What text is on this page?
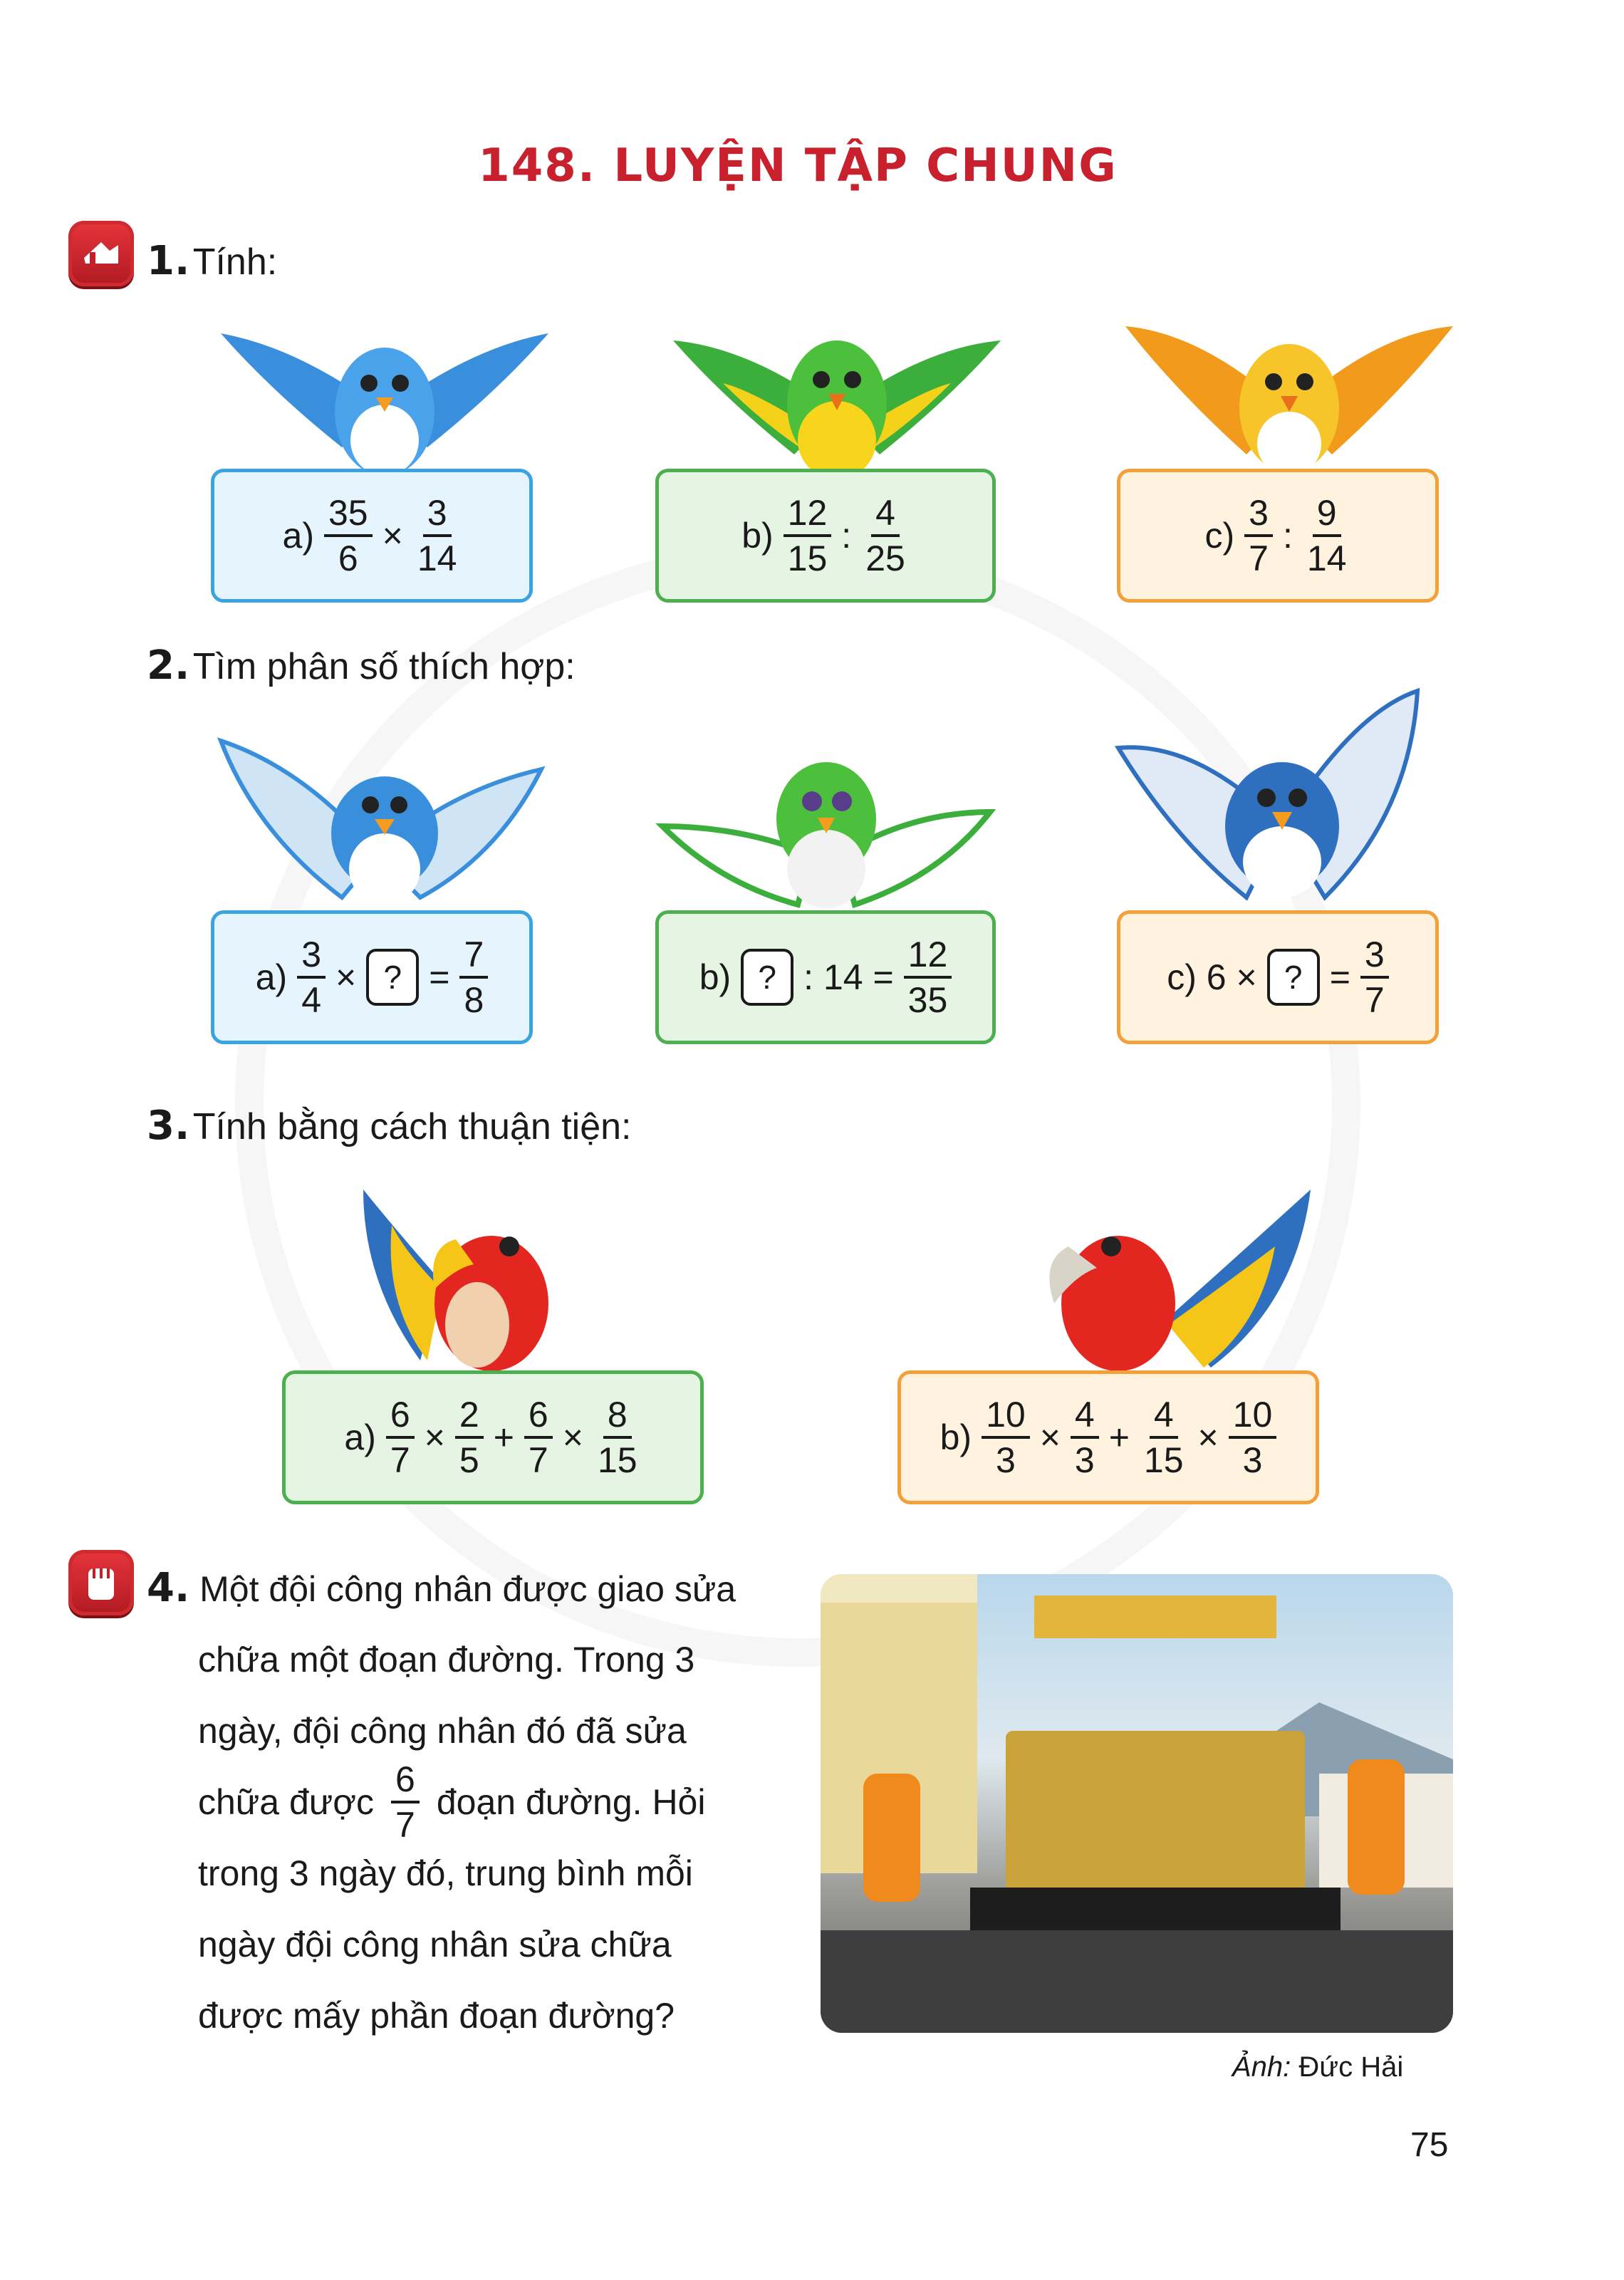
148. LUYỆN TẬP CHUNG
1. Tính:
$a) \frac{35}{6} \times \frac{3}{14}$	$b) \frac{12}{15}$ : $\frac{4}{25}$	$c) \frac{3}{7}$ : $\frac{9}{14}$
2. Tìm phân số thích hợp:
$a) \frac{3}{4}$ × ? = $\frac{7}{8}$	b) ? : $14 = \frac{12}{35}$	c) 6 × ? = $\frac{3}{7}$
3. Tính bằng cách thuận tiện:
$a) \frac{6}{7} \times \frac{2}{5} + \frac{6}{7} \times \frac{8}{15}$	$b) \frac{10}{3} \times \frac{4}{3} + \frac{4}{15} \times \frac{10}{3}$
4. Một đội công nhân được giao sửa
chữa một đoạn đường. Trong 3
ngày, đội công nhân đó đã sửa
chữa được $\frac{6}{7}$ đoạn đường. Hỏi
trong 3 ngày đó, trung bình mỗi
ngày đội công nhân sửa chữa
được mấy phần đoạn đường?
Ảnh: Đức Hải
75
